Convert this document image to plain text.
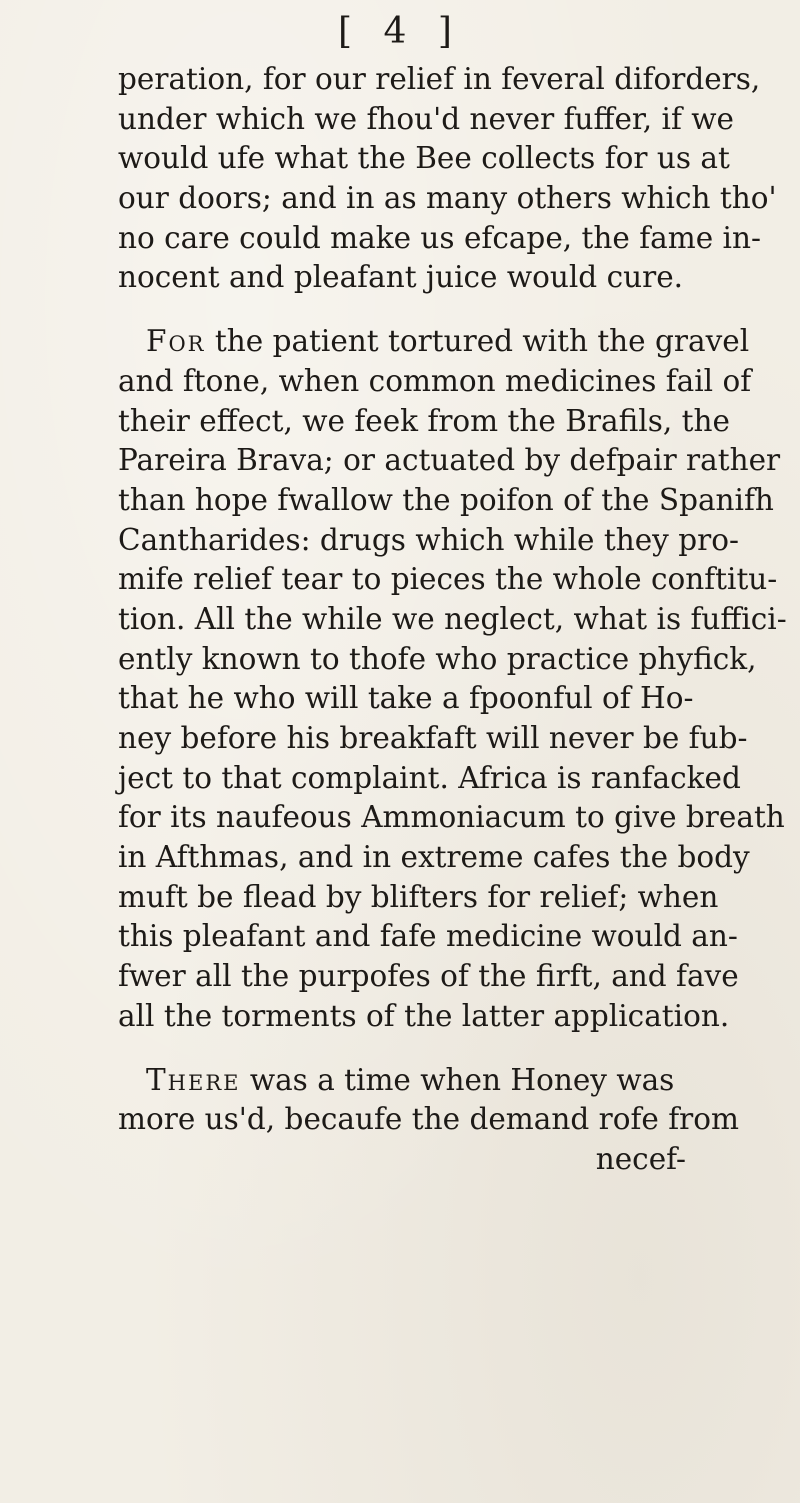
[ 4 ]
peration, for our relief in feveral diforders,
under which we fhou'd never fuffer, if we
would ufe what the Bee collects for us at
our doors; and in as many others which tho'
no care could make us efcape, the fame in-
nocent and pleafant juice would cure.
For the patient tortured with the gravel
and ftone, when common medicines fail of
their effect, we feek from the Brafils, the
Pareira Brava; or actuated by defpair rather
than hope fwallow the poifon of the Spanifh
Cantharides: drugs which while they pro-
mife relief tear to pieces the whole conftitu-
tion. All the while we neglect, what is fuffici-
ently known to thofe who practice phyfick,
that he who will take a fpoonful of Ho-
ney before his breakfaft will never be fub-
ject to that complaint. Africa is ranfacked
for its naufeous Ammoniacum to give breath
in Afthmas, and in extreme cafes the body
muft be flead by blifters for relief; when
this pleafant and fafe medicine would an-
fwer all the purpofes of the firft, and fave
all the torments of the latter application.
There was a time when Honey was
more us'd, becaufe the demand rofe from
necef-
